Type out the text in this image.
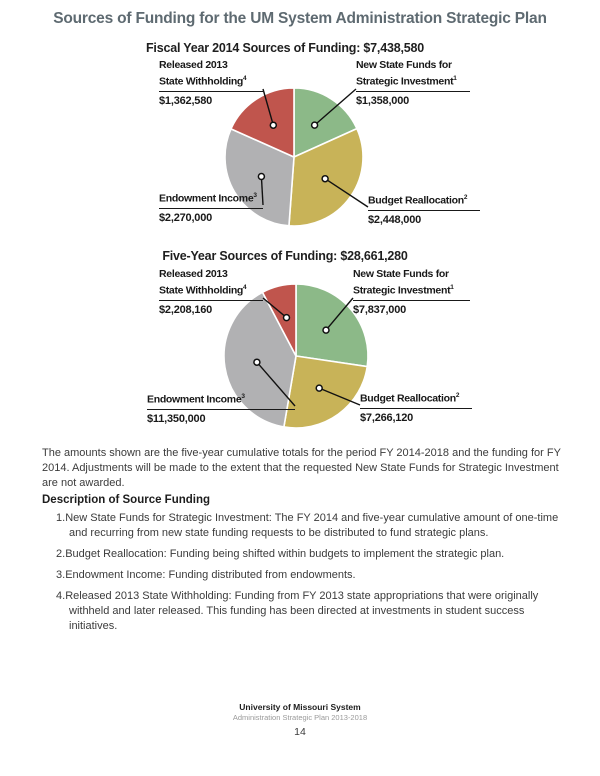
Sources of Funding for the UM System Administration Strategic Plan
Fiscal Year 2014 Sources of Funding: $7,438,580
Released 2013
State Withholding$^4$
$1,362,580
New State Funds for
Strategic Investment$^1$
$1,358,000
Endowment Income$^3$
$2,270,000
Budget Reallocation$^2$
$2,448,000
Five-Year Sources of Funding: $28,661,280
Released 2013
State Withholding$^4$
$2,208,160
New State Funds for
Strategic Investment$^1$
$7,837,000
Endowment Income$^3$
$11,350,000
Budget Reallocation$^2$
$7,266,120
The amounts shown are the five-year cumulative totals for the period FY 2014-2018 and the funding for FY 2014. Adjustments will be made to the extent that the requested New State Funds for Strategic Investment are not awarded.
Description of Source Funding
1.New State Funds for Strategic Investment: The FY 2014 and five-year cumulative amount of one-time and recurring from new state funding requests to be distributed to fund strategic plans.
2.Budget Reallocation: Funding being shifted within budgets to implement the strategic plan.
3.Endowment Income: Funding distributed from endowments.
4.Released 2013 State Withholding: Funding from FY 2013 state appropriations that were originally withheld and later released. This funding has been directed at investments in student success initiatives.
University of Missouri System
Administration Strategic Plan 2013-2018
14
